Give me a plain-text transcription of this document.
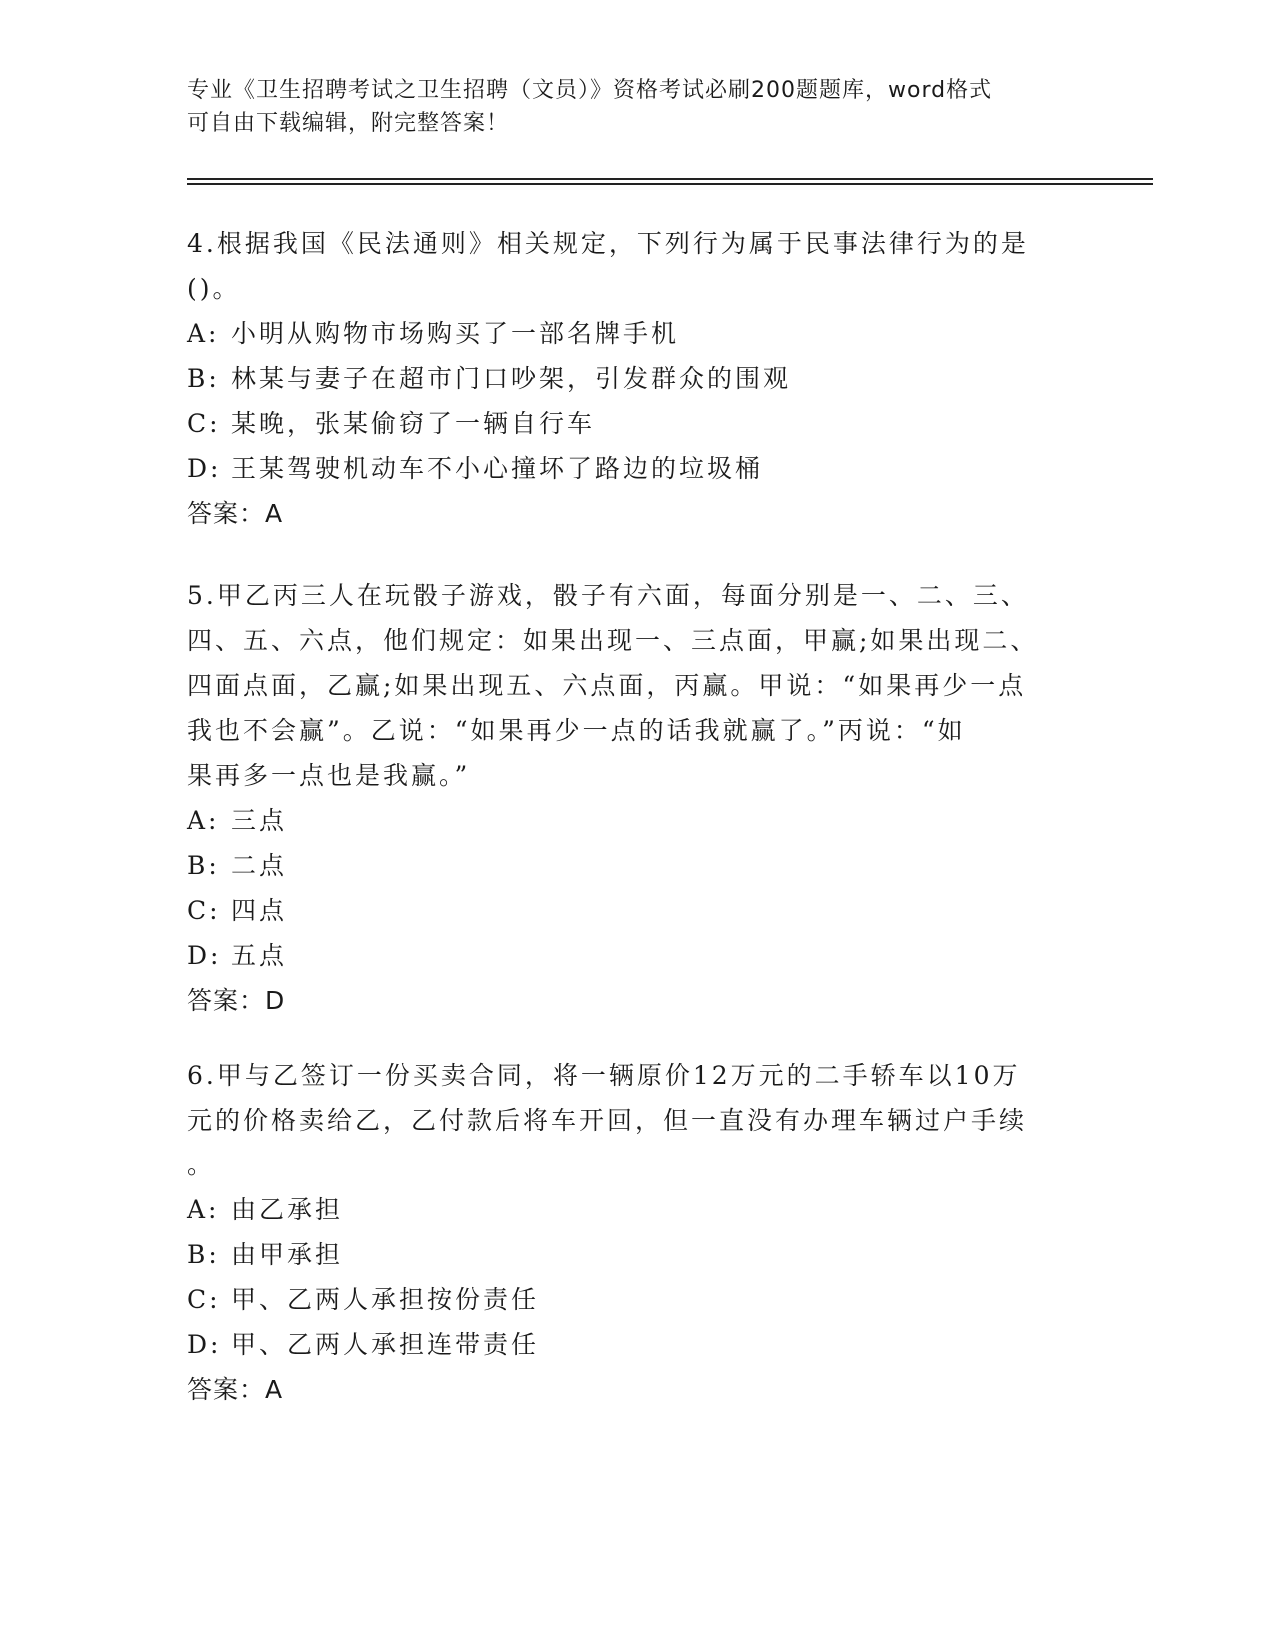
专业《卫生招聘考试之卫生招聘（文员）》资格考试必刷200题题库，word格式
可自由下载编辑，附完整答案！
4.根据我国《民法通则》相关规定，下列行为属于民事法律行为的是
()。
A: 小明从购物市场购买了一部名牌手机
B: 林某与妻子在超市门口吵架，引发群众的围观
C: 某晚，张某偷窃了一辆自行车
D: 王某驾驶机动车不小心撞坏了路边的垃圾桶
答案：A
5.甲乙丙三人在玩骰子游戏，骰子有六面，每面分别是一、二、三、
四、五、六点，他们规定：如果出现一、三点面，甲赢;如果出现二、
四面点面，乙赢;如果出现五、六点面，丙赢。甲说：“如果再少一点
我也不会赢”。乙说：“如果再少一点的话我就赢了。”丙说：“如
果再多一点也是我赢。”
A: 三点
B: 二点
C: 四点
D: 五点
答案：D
6.甲与乙签订一份买卖合同，将一辆原价12万元的二手轿车以10万
元的价格卖给乙，乙付款后将车开回，但一直没有办理车辆过户手续
。
A: 由乙承担
B: 由甲承担
C: 甲、乙两人承担按份责任
D: 甲、乙两人承担连带责任
答案：A
